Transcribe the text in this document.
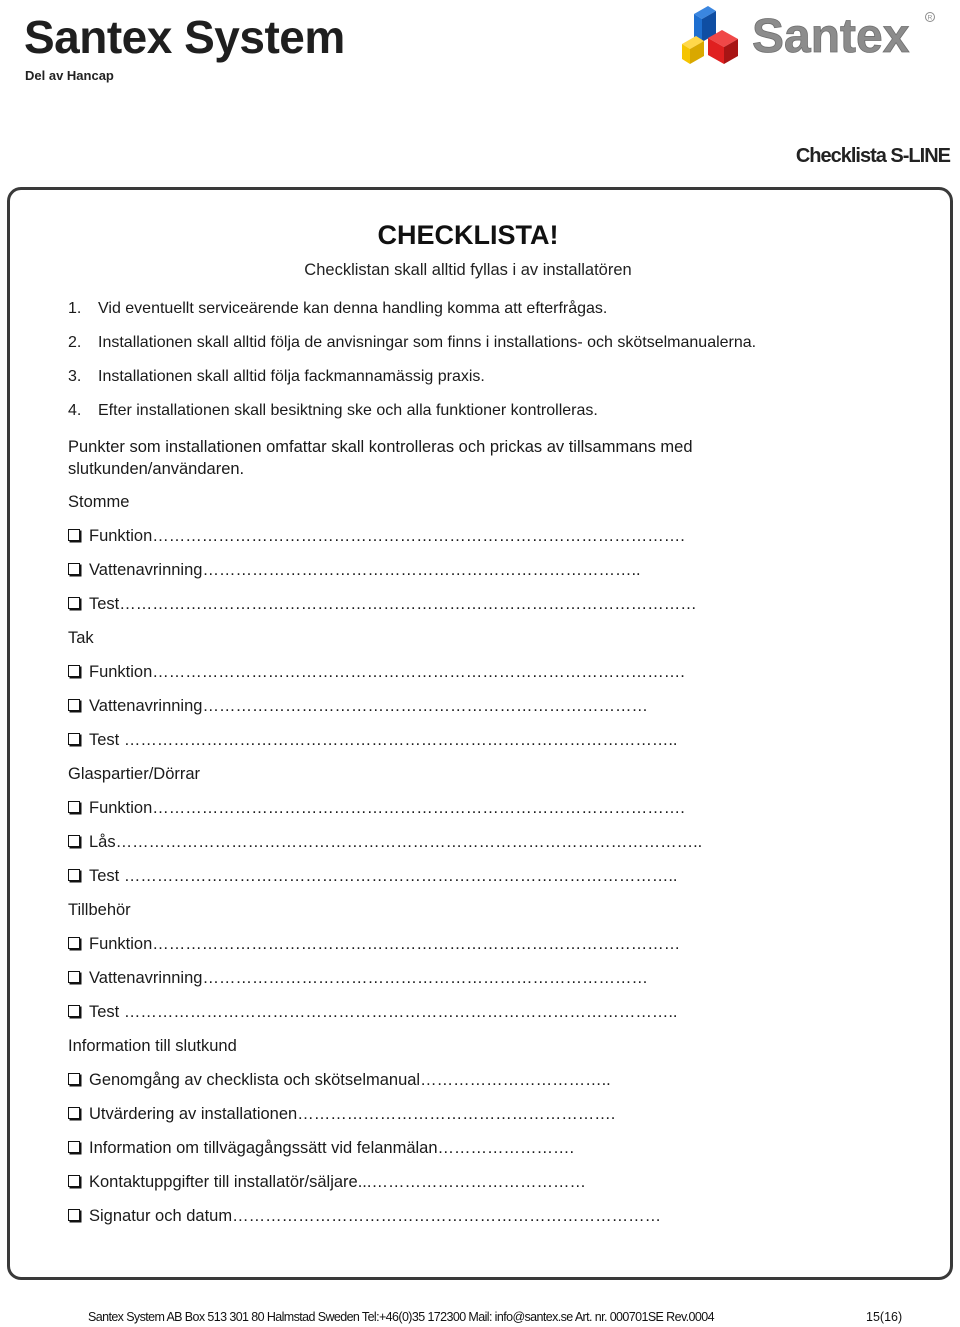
Santex System
Del av Hancap
Santex	R
Checklista S-LINE
CHECKLISTA!
Checklistan skall alltid fyllas i av installatören
1. Vid eventuellt serviceärende kan denna handling komma att efterfrågas.
2. Installationen skall alltid följa de anvisningar som finns i installations- och skötselmanualerna.
3. Installationen skall alltid följa fackmannamässig praxis.
4. Efter installationen skall besiktning ske och alla funktioner kontrolleras.
Punkter som installationen omfattar skall kontrolleras och prickas av tillsammans med slutkunden/användaren.
Stomme
Funktion…………………………………………………………………………………….
Vattenavrinning……………………………………………………………………..
Test……………………………………………………………………………………………
Tak
Funktion…………………………………………………………………………………….
Vattenavrinning………………………………………………………………………
Test ………………………………………………………………………………………..
Glaspartier/Dörrar
Funktion…………………………………………………………………………………….
Lås……………………………………………………………………………………………..
Test ………………………………………………………………………………………..
Tillbehör
Funktion……………………………………………………………………………………
Vattenavrinning………………………………………………………………………
Test ………………………………………………………………………………………..
Information till slutkund
Genomgång av checklista och skötselmanual……………………………..
Utvärdering av installationen………………………………………………….
Information om tillvägagångssätt vid felanmälan…………………….
Kontaktuppgifter till installatör/säljare...…………………………………
Signatur och datum……………………………………………………………………
Santex System AB Box 513 301 80 Halmstad Sweden Tel:+46(0)35 172300 Mail: info@santex.se Art. nr. 000701SE Rev.0004	15(16)
